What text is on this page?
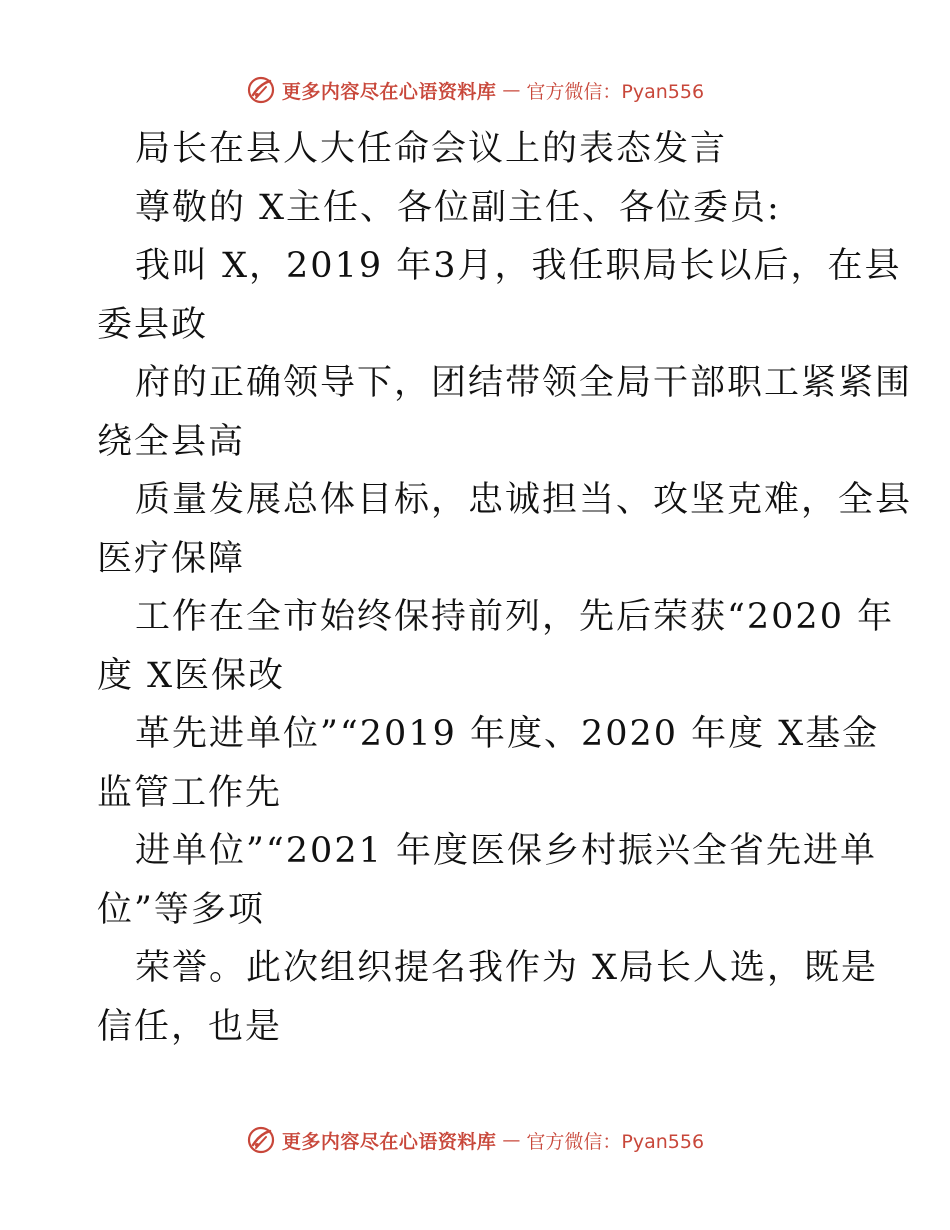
更多内容尽在心语资料库 — 官方微信：Pyan556
局长在县人大任命会议上的表态发言
尊敬的 X主任、各位副主任、各位委员:
我叫 X，2019 年3月，我任职局长以后，在县
委县政
府的正确领导下，团结带领全局干部职工紧紧围
绕全县高
质量发展总体目标，忠诚担当、攻坚克难，全县
医疗保障
工作在全市始终保持前列，先后荣获“2020 年
度 X医保改
革先进单位”“2019 年度、2020 年度 X基金
监管工作先
进单位”“2021 年度医保乡村振兴全省先进单
位”等多项
荣誉。此次组织提名我作为 X局长人选，既是
信任，也是
更多内容尽在心语资料库 — 官方微信：Pyan556
